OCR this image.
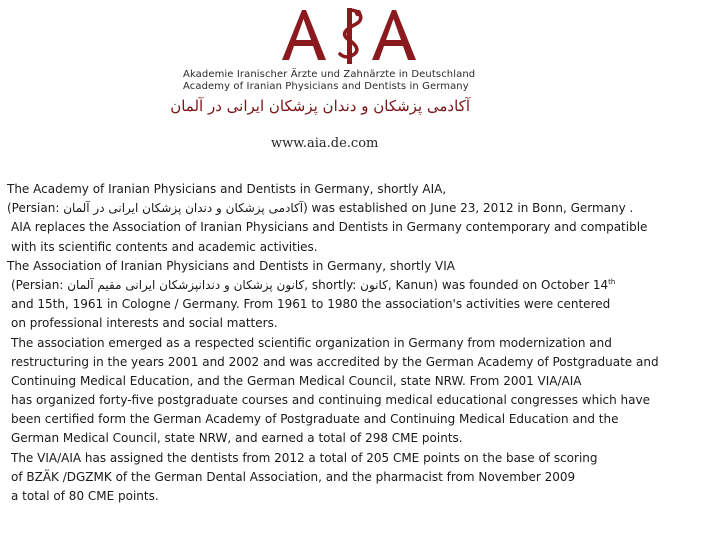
Akademie Iranischer Ärzte und Zahnärzte in Deutschland
Academy of Iranian Physicians and Dentists in Germany
آکادمی پزشکان و دندان پزشکان ایرانی در آلمان
www.aia.de.com
The Academy of Iranian Physicians and Dentists in Germany, shortly AIA,
(Persian: آکادمی پزشکان و دندان پزشکان ایرانی در آلمان) was established on June 23, 2012 in Bonn, Germany .
AIA replaces the Association of Iranian Physicians and Dentists in Germany contemporary and compatible
with its scientific contents and academic activities.
The Association of Iranian Physicians and Dentists in Germany, shortly VIA
(Persian: کانون پزشکان و دندانپزشکان ایرانی مقیم آلمان, shortly: کانون, Kanun) was founded on October 14th
and 15th, 1961 in Cologne / Germany. From 1961 to 1980 the association's activities were centered
on professional interests and social matters.
The association emerged as a respected scientific organization in Germany from modernization and
restructuring in the years 2001 and 2002 and was accredited by the German Academy of Postgraduate and
Continuing Medical Education, and the German Medical Council, state NRW. From 2001 VIA/AIA
has organized forty-five postgraduate courses and continuing medical educational congresses which have
been certified form the German Academy of Postgraduate and Continuing Medical Education and the
German Medical Council, state NRW, and earned a total of 298 CME points.
The VIA/AIA has assigned the dentists from 2012 a total of 205 CME points on the base of scoring
of BZÄK /DGZMK of the German Dental Association, and the pharmacist from November 2009
a total of 80 CME points.
